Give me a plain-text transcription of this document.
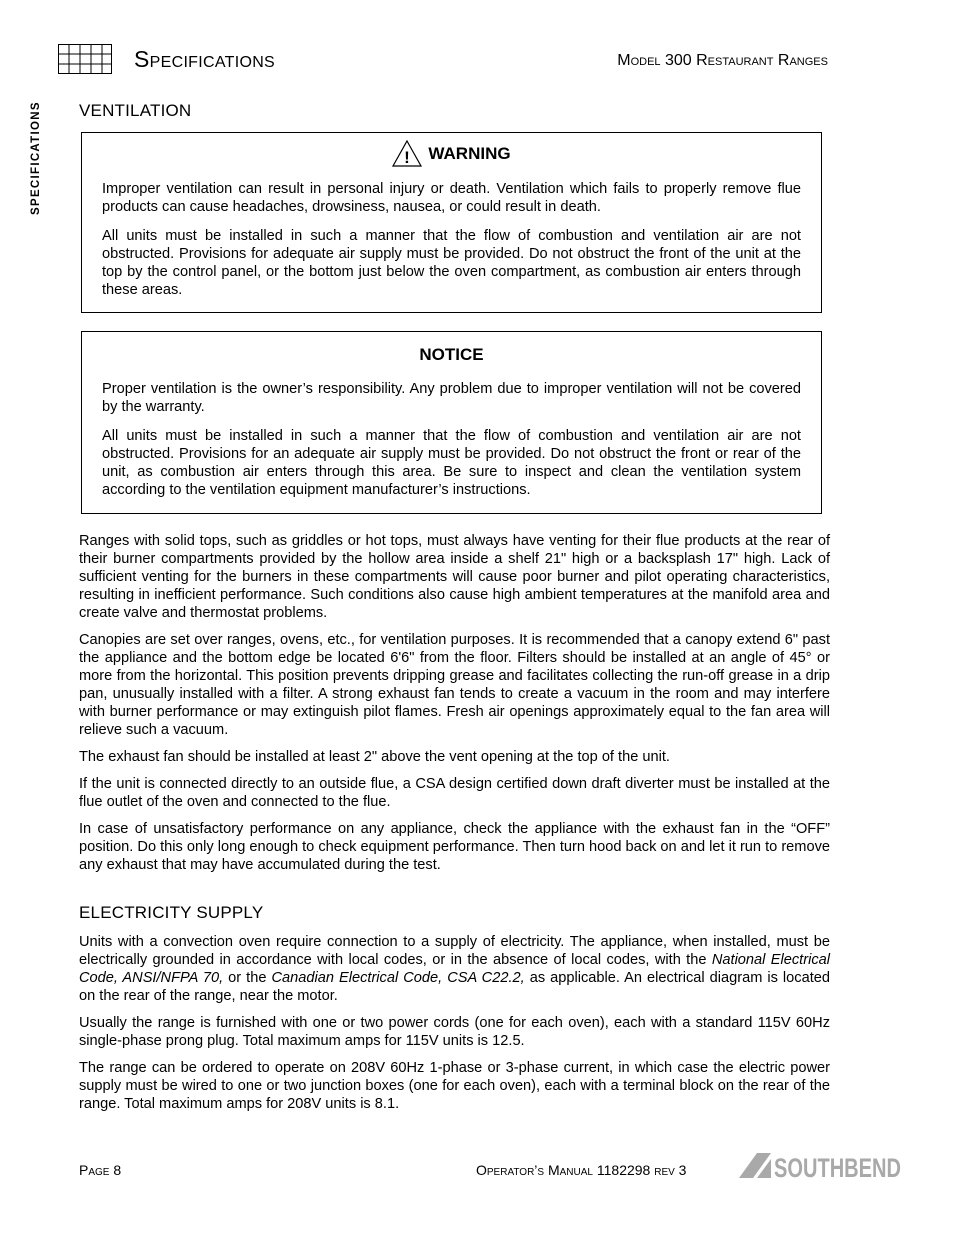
Specifications	Model 300 Restaurant Ranges
SPECIFICATIONS VENTILATION
! WARNING

Improper ventilation can result in personal injury or death. Ventilation which fails to properly remove flue products can cause headaches, drowsiness, nausea, or could result in death.

All units must be installed in such a manner that the flow of combustion and ventilation air are not obstructed. Provisions for adequate air supply must be provided. Do not obstruct the front of the unit at the top by the control panel, or the bottom just below the oven compartment, as combustion air enters through these areas.

NOTICE

Proper ventilation is the owner’s responsibility. Any problem due to improper ventilation will not be covered by the warranty.

All units must be installed in such a manner that the flow of combustion and ventilation air are not obstructed. Provisions for an adequate air supply must be provided. Do not obstruct the front or rear of the unit, as combustion air enters through this area. Be sure to inspect and clean the ventilation system according to the ventilation equipment manufacturer’s instructions.

Ranges with solid tops, such as griddles or hot tops, must always have venting for their flue products at the rear of their burner compartments provided by the hollow area inside a shelf 21" high or a backsplash 17" high. Lack of sufficient venting for the burners in these compartments will cause poor burner and pilot operating characteristics, resulting in inefficient performance. Such conditions also cause high ambient temperatures at the manifold area and create valve and thermostat problems.

Canopies are set over ranges, ovens, etc., for ventilation purposes. It is recommended that a canopy extend 6" past the appliance and the bottom edge be located 6'6" from the floor. Filters should be installed at an angle of 45° or more from the horizontal. This position prevents dripping grease and facilitates collecting the run-off grease in a drip pan, unusually installed with a filter. A strong exhaust fan tends to create a vacuum in the room and may interfere with burner performance or may extinguish pilot flames. Fresh air openings approximately equal to the fan area will relieve such a vacuum.

The exhaust fan should be installed at least 2" above the vent opening at the top of the unit.

If the unit is connected directly to an outside flue, a CSA design certified down draft diverter must be installed at the flue outlet of the oven and connected to the flue.

In case of unsatisfactory performance on any appliance, check the appliance with the exhaust fan in the “OFF” position. Do this only long enough to check equipment performance. Then turn hood back on and let it run to remove any exhaust that may have accumulated during the test.

ELECTRICITY SUPPLY

Units with a convection oven require connection to a supply of electricity. The appliance, when installed, must be electrically grounded in accordance with local codes, or in the absence of local codes, with the National Electrical Code, ANSI/NFPA 70, or the Canadian Electrical Code, CSA C22.2, as applicable. An electrical diagram is located on the rear of the range, near the motor.

Usually the range is furnished with one or two power cords (one for each oven), each with a standard 115V 60Hz single-phase prong plug. Total maximum amps for 115V units is 12.5.

The range can be ordered to operate on 208V 60Hz 1-phase or 3-phase current, in which case the electric power supply must be wired to one or two junction boxes (one for each oven), each with a terminal block on the rear of the range. Total maximum amps for 208V units is 8.1.

Page 8	Operator’s Manual 1182298 rev 3	SOUTHBEND
